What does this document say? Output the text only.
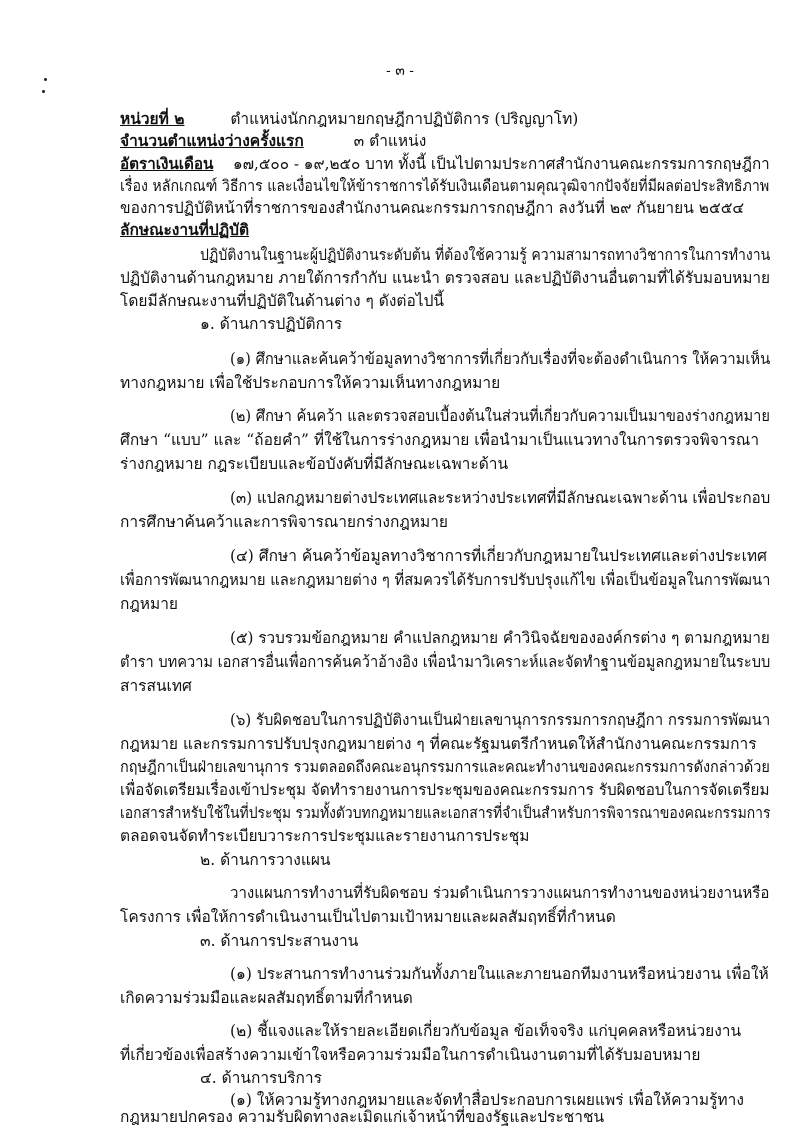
- ๓ -
หน่วยที่ ๒	ตำแหน่งนักกฎหมายกฤษฎีกาปฏิบัติการ (ปริญญาโท)
จำนวนตำแหน่งว่างครั้งแรก	๓ ตำแหน่ง
อัตราเงินเดือน ๑๗,๕๐๐ - ๑๙,๒๕๐ บาท ทั้งนี้ เป็นไปตามประกาศสำนักงานคณะกรรมการกฤษฎีกา
เรื่อง หลักเกณฑ์ วิธีการ และเงื่อนไขให้ข้าราชการได้รับเงินเดือนตามคุณวุฒิจากปัจจัยที่มีผลต่อประสิทธิภาพ
ของการปฏิบัติหน้าที่ราชการของสำนักงานคณะกรรมการกฤษฎีกา ลงวันที่ ๒๙ กันยายน ๒๕๕๔
ลักษณะงานที่ปฏิบัติ
ปฏิบัติงานในฐานะผู้ปฏิบัติงานระดับต้น ที่ต้องใช้ความรู้ ความสามารถทางวิชาการในการทำงาน
ปฏิบัติงานด้านกฎหมาย ภายใต้การกำกับ แนะนำ ตรวจสอบ และปฏิบัติงานอื่นตามที่ได้รับมอบหมาย
โดยมีลักษณะงานที่ปฏิบัติในด้านต่าง ๆ ดังต่อไปนี้
๑. ด้านการปฏิบัติการ
(๑) ศึกษาและค้นคว้าข้อมูลทางวิชาการที่เกี่ยวกับเรื่องที่จะต้องดำเนินการ ให้ความเห็น
ทางกฎหมาย เพื่อใช้ประกอบการให้ความเห็นทางกฎหมาย
(๒) ศึกษา ค้นคว้า และตรวจสอบเบื้องต้นในส่วนที่เกี่ยวกับความเป็นมาของร่างกฎหมาย
ศึกษา “แบบ” และ “ถ้อยคำ” ที่ใช้ในการร่างกฎหมาย เพื่อนำมาเป็นแนวทางในการตรวจพิจารณา
ร่างกฎหมาย กฎระเบียบและข้อบังคับที่มีลักษณะเฉพาะด้าน
(๓) แปลกฎหมายต่างประเทศและระหว่างประเทศที่มีลักษณะเฉพาะด้าน เพื่อประกอบ
การศึกษาค้นคว้าและการพิจารณายกร่างกฎหมาย
(๔) ศึกษา ค้นคว้าข้อมูลทางวิชาการที่เกี่ยวกับกฎหมายในประเทศและต่างประเทศ
เพื่อการพัฒนากฎหมาย และกฎหมายต่าง ๆ ที่สมควรได้รับการปรับปรุงแก้ไข เพื่อเป็นข้อมูลในการพัฒนา
กฎหมาย
(๕) รวบรวมข้อกฎหมาย คำแปลกฎหมาย คำวินิจฉัยขององค์กรต่าง ๆ ตามกฎหมาย
ตำรา บทความ เอกสารอื่นเพื่อการค้นคว้าอ้างอิง เพื่อนำมาวิเคราะห์และจัดทำฐานข้อมูลกฎหมายในระบบ
สารสนเทศ
(๖) รับผิดชอบในการปฏิบัติงานเป็นฝ่ายเลขานุการกรรมการกฤษฎีกา กรรมการพัฒนา
กฎหมาย และกรรมการปรับปรุงกฎหมายต่าง ๆ ที่คณะรัฐมนตรีกำหนดให้สำนักงานคณะกรรมการ
กฤษฎีกาเป็นฝ่ายเลขานุการ รวมตลอดถึงคณะอนุกรรมการและคณะทำงานของคณะกรรมการดังกล่าวด้วย
เพื่อจัดเตรียมเรื่องเข้าประชุม จัดทำรายงานการประชุมของคณะกรรมการ รับผิดชอบในการจัดเตรียม
เอกสารสำหรับใช้ในที่ประชุม รวมทั้งตัวบทกฎหมายและเอกสารที่จำเป็นสำหรับการพิจารณาของคณะกรรมการ
ตลอดจนจัดทำระเบียบวาระการประชุมและรายงานการประชุม
๒. ด้านการวางแผน
วางแผนการทำงานที่รับผิดชอบ ร่วมดำเนินการวางแผนการทำงานของหน่วยงานหรือ
โครงการ เพื่อให้การดำเนินงานเป็นไปตามเป้าหมายและผลสัมฤทธิ์ที่กำหนด
๓. ด้านการประสานงาน
(๑) ประสานการทำงานร่วมกันทั้งภายในและภายนอกทีมงานหรือหน่วยงาน เพื่อให้
เกิดความร่วมมือและผลสัมฤทธิ์ตามที่กำหนด
(๒) ชี้แจงและให้รายละเอียดเกี่ยวกับข้อมูล ข้อเท็จจริง แก่บุคคลหรือหน่วยงาน
ที่เกี่ยวข้องเพื่อสร้างความเข้าใจหรือความร่วมมือในการดำเนินงานตามที่ได้รับมอบหมาย
๔. ด้านการบริการ
(๑) ให้ความรู้ทางกฎหมายและจัดทำสื่อประกอบการเผยแพร่ เพื่อให้ความรู้ทาง
กฎหมายปกครอง ความรับผิดทางละเมิดแก่เจ้าหน้าที่ของรัฐและประชาชน
